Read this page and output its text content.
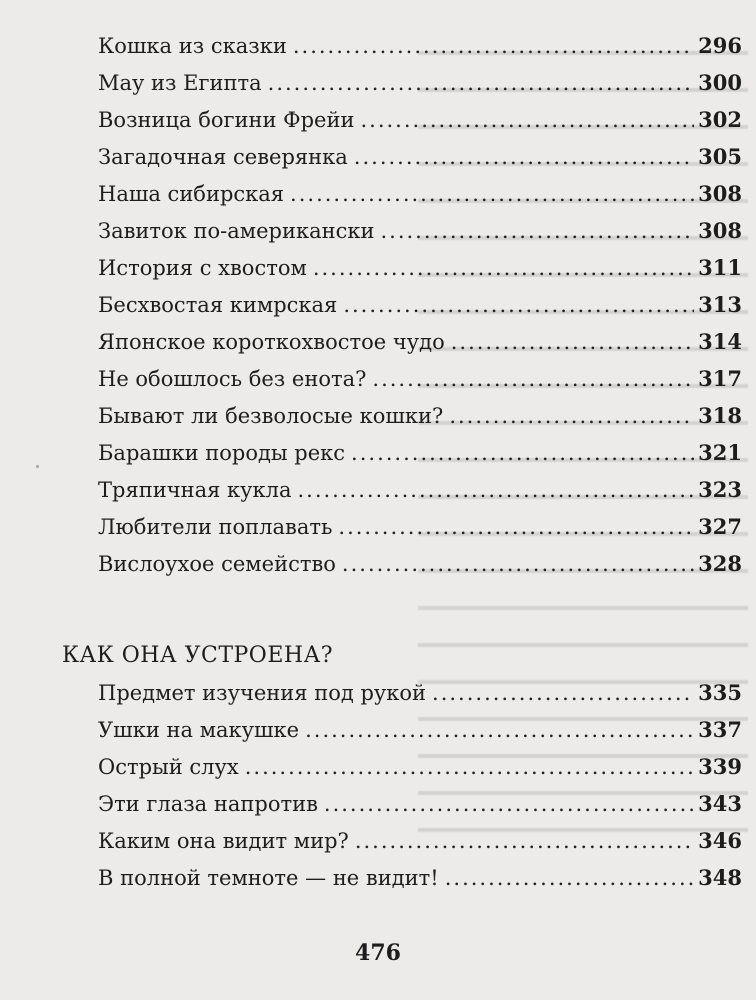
Кошка из сказки .....	296
Мау из Египта .....	300
Возница богини Фрейи .....	302
Загадочная северянка .....	305
Наша сибирская .....	308
Завиток по-американски .....	308
История с хвостом .....	311
Бесхвостая кимрская .....	313
Японское короткохвостое чудо .....	314
Не обошлось без енота? .....	317
Бывают ли безволосые кошки? .....	318
Барашки породы рекс .....	321
Тряпичная кукла .....	323
Любители поплавать .....	327
Вислоухое семейство .....	328
КАК ОНА УСТРОЕНА?
Предмет изучения под рукой .....	335
Ушки на макушке .....	337
Острый слух .....	339
Эти глаза напротив .....	343
Каким она видит мир? .....	346
В полной темноте — не видит! .....	348
476
